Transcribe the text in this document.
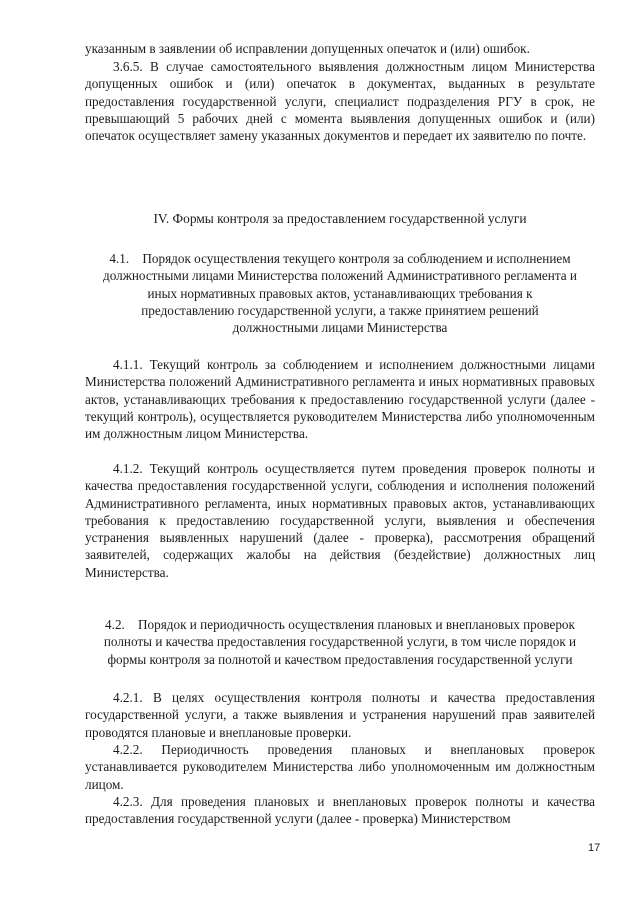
указанным в заявлении об исправлении допущенных опечаток и (или) ошибок.

3.6.5. В случае самостоятельного выявления должностным лицом Министерства допущенных ошибок и (или) опечаток в документах, выданных в результате предоставления государственной услуги, специалист подразделения РГУ в срок, не превышающий 5 рабочих дней с момента выявления допущенных ошибок и (или) опечаток осуществляет замену указанных документов и передает их заявителю по почте.

IV. Формы контроля за предоставлением государственной услуги

4.1. Порядок осуществления текущего контроля за соблюдением и исполнением должностными лицами Министерства положений Административного регламента и иных нормативных правовых актов, устанавливающих требования к предоставлению государственной услуги, а также принятием решений должностными лицами Министерства

4.1.1. Текущий контроль за соблюдением и исполнением должностными лицами Министерства положений Административного регламента и иных нормативных правовых актов, устанавливающих требования к предоставлению государственной услуги (далее - текущий контроль), осуществляется руководителем Министерства либо уполномоченным им должностным лицом Министерства.

4.1.2. Текущий контроль осуществляется путем проведения проверок полноты и качества предоставления государственной услуги, соблюдения и исполнения положений Административного регламента, иных нормативных правовых актов, устанавливающих требования к предоставлению государственной услуги, выявления и обеспечения устранения выявленных нарушений (далее - проверка), рассмотрения обращений заявителей, содержащих жалобы на действия (бездействие) должностных лиц Министерства.

4.2. Порядок и периодичность осуществления плановых и внеплановых проверок полноты и качества предоставления государственной услуги, в том числе порядок и формы контроля за полнотой и качеством предоставления государственной услуги

4.2.1. В целях осуществления контроля полноты и качества предоставления государственной услуги, а также выявления и устранения нарушений прав заявителей проводятся плановые и внеплановые проверки.

4.2.2. Периодичность проведения плановых и внеплановых проверок устанавливается руководителем Министерства либо уполномоченным им должностным лицом.

4.2.3. Для проведения плановых и внеплановых проверок полноты и качества предоставления государственной услуги (далее - проверка) Министерством

17
